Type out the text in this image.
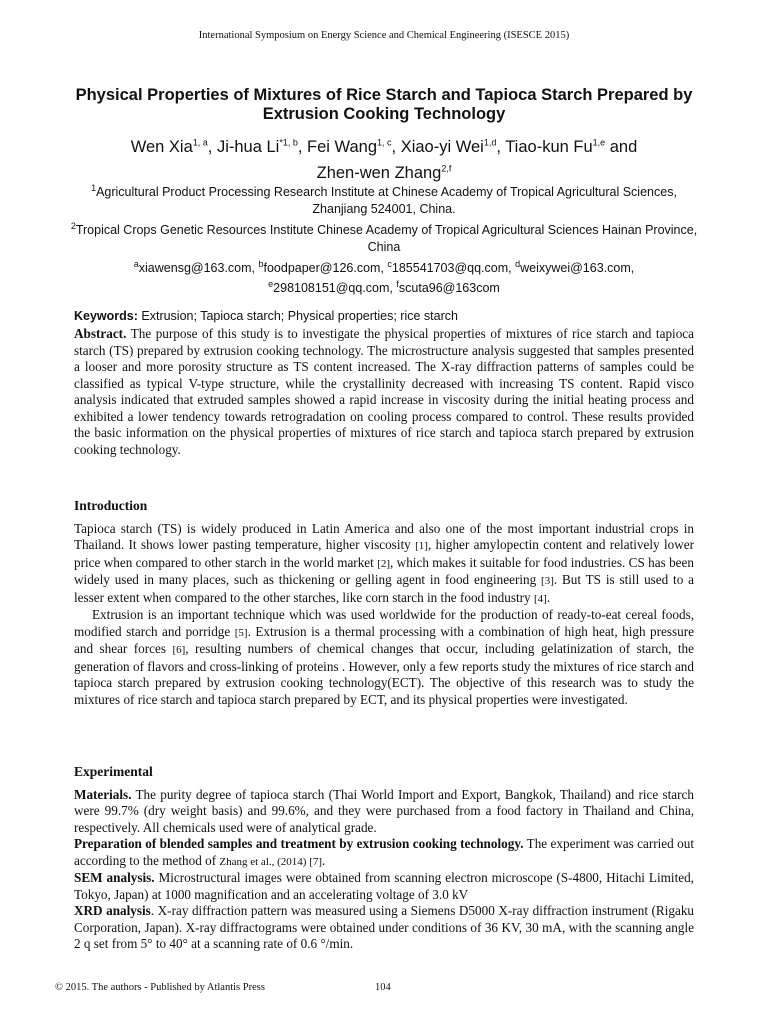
International Symposium on Energy Science and Chemical Engineering (ISESCE 2015)
Physical Properties of Mixtures of Rice Starch and Tapioca Starch Prepared by Extrusion Cooking Technology
Wen Xia$^{1, a}$, Ji-hua Li$^{*1, b}$, Fei Wang$^{1, c}$, Xiao-yi Wei$^{1,d}$, Tiao-kun Fu$^{1,e}$ and
Zhen-wen Zhang$^{2,f}$
$^1$Agricultural Product Processing Research Institute at Chinese Academy of Tropical Agricultural Sciences, Zhanjiang 524001, China.
$^2$Tropical Crops Genetic Resources Institute Chinese Academy of Tropical Agricultural Sciences Hainan Province, China
$^a$xiawensg@163.com, $^b$foodpaper@126.com, $^c$185541703@qq.com, $^d$weixywei@163.com,
$^e$298108151@qq.com, $^f$scuta96@163com
Keywords: Extrusion; Tapioca starch; Physical properties; rice starch

Abstract. The purpose of this study is to investigate the physical properties of mixtures of rice starch and tapioca starch (TS) prepared by extrusion cooking technology. The microstructure analysis suggested that samples presented a looser and more porosity structure as TS content increased. The X-ray diffraction patterns of samples could be classified as typical V-type structure, while the crystallinity decreased with increasing TS content. Rapid visco analysis indicated that extruded samples showed a rapid increase in viscosity during the initial heating process and exhibited a lower tendency towards retrogradation on cooling process compared to control. These results provided the basic information on the physical properties of mixtures of rice starch and tapioca starch prepared by extrusion cooking technology.

Introduction

Tapioca starch (TS) is widely produced in Latin America and also one of the most important industrial crops in Thailand. It shows lower pasting temperature, higher viscosity [1], higher amylopectin content and relatively lower price when compared to other starch in the world market [2], which makes it suitable for food industries. CS has been widely used in many places, such as thickening or gelling agent in food engineering [3]. But TS is still used to a lesser extent when compared to the other starches, like corn starch in the food industry [4].

Extrusion is an important technique which was used worldwide for the production of ready-to-eat cereal foods, modified starch and porridge [5]. Extrusion is a thermal processing with a combination of high heat, high pressure and shear forces [6], resulting numbers of chemical changes that occur, including gelatinization of starch, the generation of flavors and cross-linking of proteins . However, only a few reports study the mixtures of rice starch and tapioca starch prepared by extrusion cooking technology(ECT). The objective of this research was to study the mixtures of rice starch and tapioca starch prepared by ECT, and its physical properties were investigated.

Experimental

Materials. The purity degree of tapioca starch (Thai World Import and Export, Bangkok, Thailand) and rice starch were 99.7% (dry weight basis) and 99.6%, and they were purchased from a food factory in Thailand and China, respectively. All chemicals used were of analytical grade.

Preparation of blended samples and treatment by extrusion cooking technology. The experiment was carried out according to the method of Zhang et al., (2014) [7].

SEM analysis. Microstructural images were obtained from scanning electron microscope (S-4800, Hitachi Limited, Tokyo, Japan) at 1000 magnification and an accelerating voltage of 3.0 kV

XRD analysis. X-ray diffraction pattern was measured using a Siemens D5000 X-ray diffraction instrument (Rigaku Corporation, Japan). X-ray diffractograms were obtained under conditions of 36 KV, 30 mA, with the scanning angle 2 q set from 5° to 40° at a scanning rate of 0.6 °/min.

© 2015. The authors - Published by Atlantis Press	104
